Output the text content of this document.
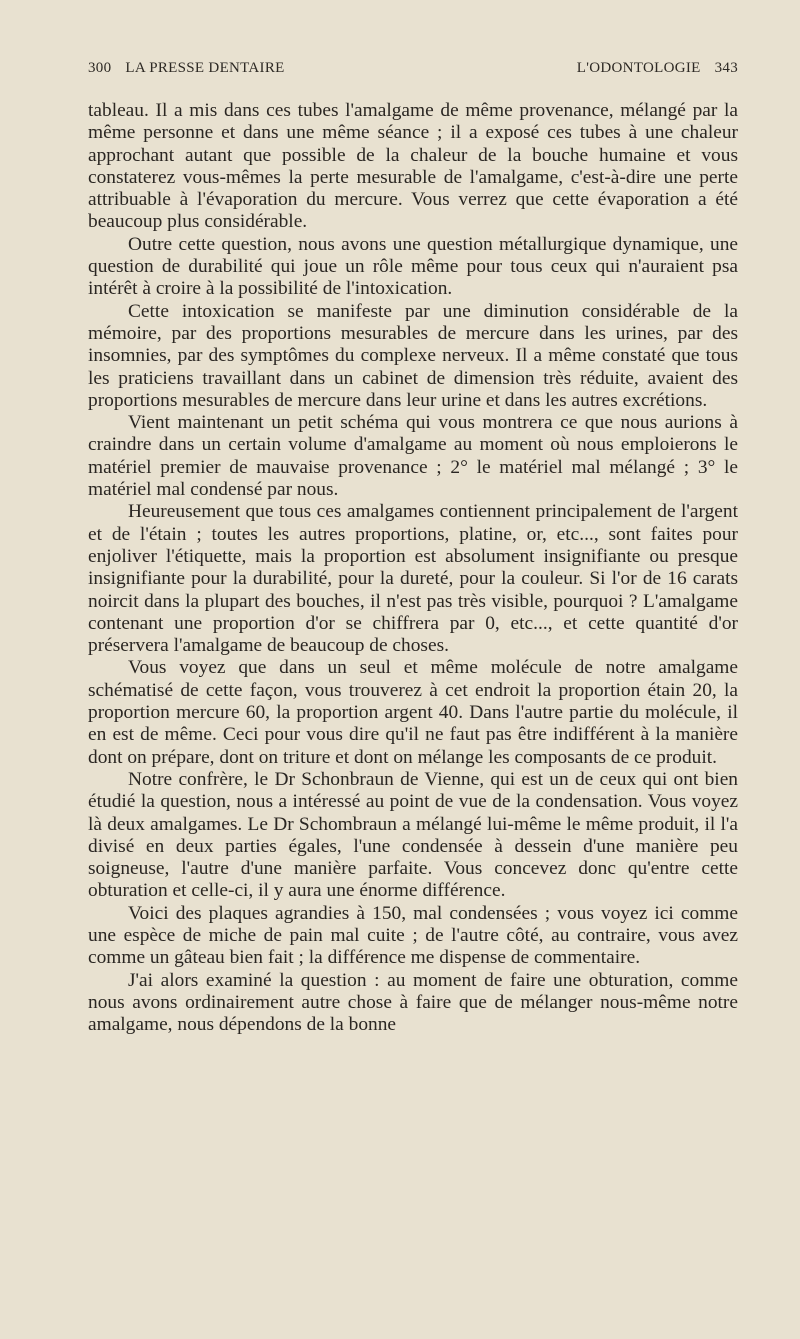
300 LA PRESSE DENTAIRE	L'ODONTOLOGIE 343

tableau. Il a mis dans ces tubes l'amalgame de même provenance, mélangé par la même personne et dans une même séance ; il a exposé ces tubes à une chaleur approchant autant que possible de la chaleur de la bouche humaine et vous constaterez vous-mêmes la perte mesurable de l'amalgame, c'est-à-dire une perte attribuable à l'évaporation du mercure. Vous verrez que cette évaporation a été beaucoup plus considérable.

Outre cette question, nous avons une question métallurgique dynamique, une question de durabilité qui joue un rôle même pour tous ceux qui n'auraient psa intérêt à croire à la possibilité de l'intoxication.

Cette intoxication se manifeste par une diminution considérable de la mémoire, par des proportions mesurables de mercure dans les urines, par des insomnies, par des symptômes du complexe nerveux. Il a même constaté que tous les praticiens travaillant dans un cabinet de dimension très réduite, avaient des proportions mesurables de mercure dans leur urine et dans les autres excrétions.

Vient maintenant un petit schéma qui vous montrera ce que nous aurions à craindre dans un certain volume d'amalgame au moment où nous emploierons le matériel premier de mauvaise provenance ; 2° le matériel mal mélangé ; 3° le matériel mal condensé par nous.

Heureusement que tous ces amalgames contiennent principalement de l'argent et de l'étain ; toutes les autres proportions, platine, or, etc..., sont faites pour enjoliver l'étiquette, mais la proportion est absolument insignifiante ou presque insignifiante pour la durabilité, pour la dureté, pour la couleur. Si l'or de 16 carats noircit dans la plupart des bouches, il n'est pas très visible, pourquoi ? L'amalgame contenant une proportion d'or se chiffrera par 0, etc..., et cette quantité d'or préservera l'amalgame de beaucoup de choses.

Vous voyez que dans un seul et même molécule de notre amalgame schématisé de cette façon, vous trouverez à cet endroit la proportion étain 20, la proportion mercure 60, la proportion argent 40. Dans l'autre partie du molécule, il en est de même. Ceci pour vous dire qu'il ne faut pas être indifférent à la manière dont on prépare, dont on triture et dont on mélange les composants de ce produit.

Notre confrère, le Dr Schonbraun de Vienne, qui est un de ceux qui ont bien étudié la question, nous a intéressé au point de vue de la condensation. Vous voyez là deux amalgames. Le Dr Schombraun a mélangé lui-même le même produit, il l'a divisé en deux parties égales, l'une condensée à dessein d'une manière peu soigneuse, l'autre d'une manière parfaite. Vous concevez donc qu'entre cette obturation et celle-ci, il y aura une énorme différence.

Voici des plaques agrandies à 150, mal condensées ; vous voyez ici comme une espèce de miche de pain mal cuite ; de l'autre côté, au contraire, vous avez comme un gâteau bien fait ; la différence me dispense de commentaire.

J'ai alors examiné la question : au moment de faire une obturation, comme nous avons ordinairement autre chose à faire que de mélanger nous-même notre amalgame, nous dépendons de la bonne
